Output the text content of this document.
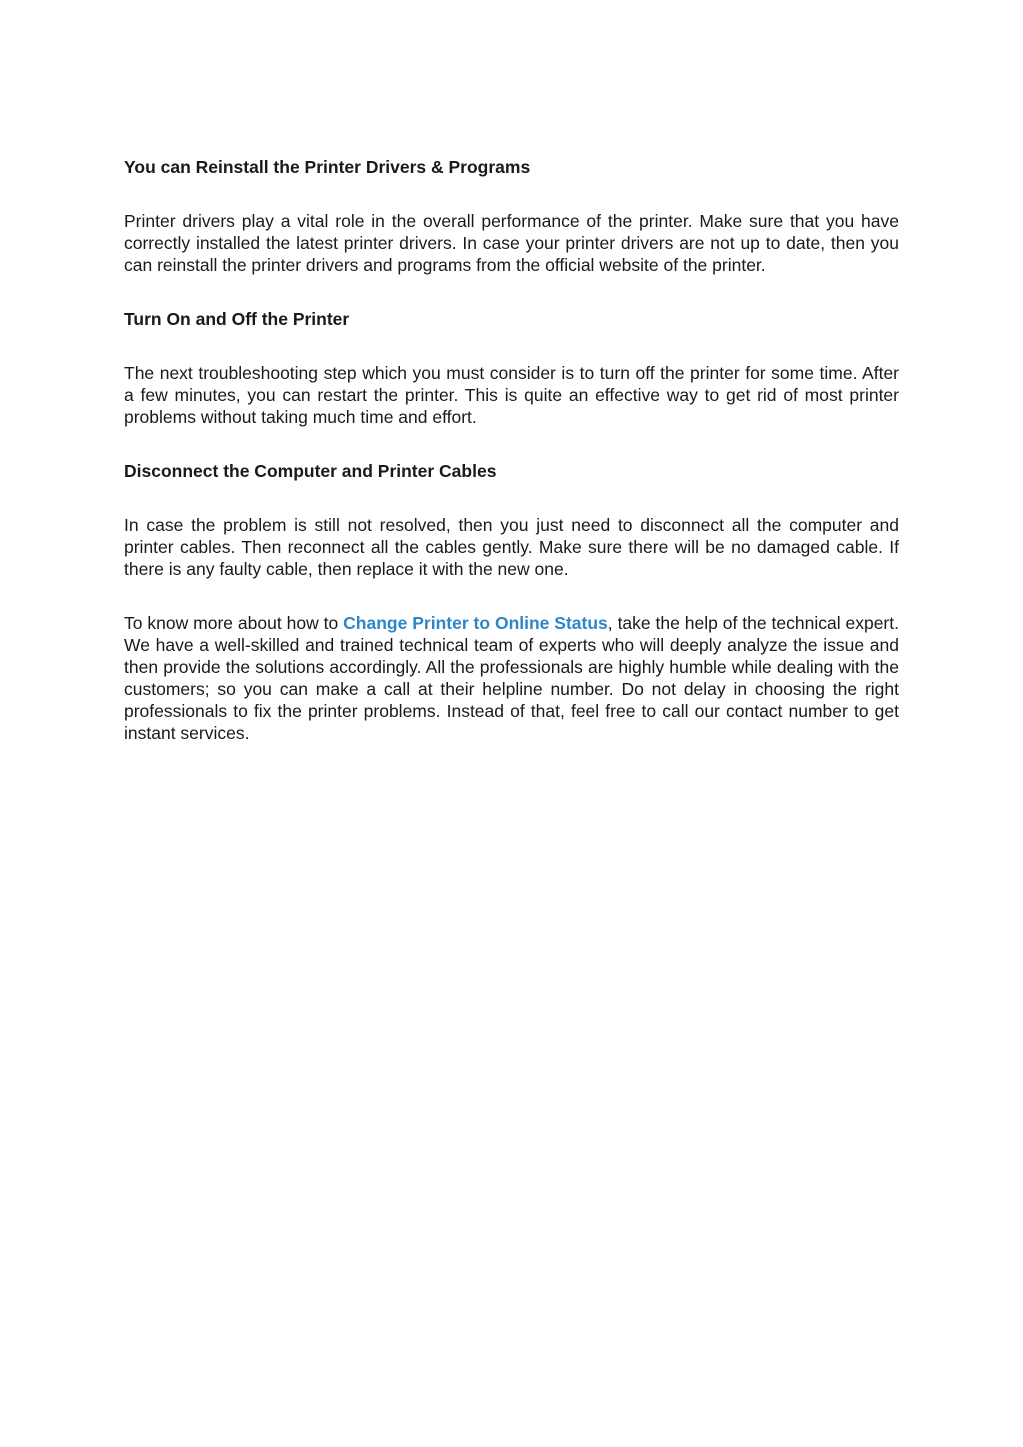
You can Reinstall the Printer Drivers & Programs

Printer drivers play a vital role in the overall performance of the printer. Make sure that you have correctly installed the latest printer drivers. In case your printer drivers are not up to date, then you can reinstall the printer drivers and programs from the official website of the printer.

Turn On and Off the Printer

The next troubleshooting step which you must consider is to turn off the printer for some time. After a few minutes, you can restart the printer. This is quite an effective way to get rid of most printer problems without taking much time and effort.

Disconnect the Computer and Printer Cables

In case the problem is still not resolved, then you just need to disconnect all the computer and printer cables. Then reconnect all the cables gently. Make sure there will be no damaged cable. If there is any faulty cable, then replace it with the new one.

To know more about how to Change Printer to Online Status, take the help of the technical expert. We have a well-skilled and trained technical team of experts who will deeply analyze the issue and then provide the solutions accordingly. All the professionals are highly humble while dealing with the customers; so you can make a call at their helpline number. Do not delay in choosing the right professionals to fix the printer problems. Instead of that, feel free to call our contact number to get instant services.
